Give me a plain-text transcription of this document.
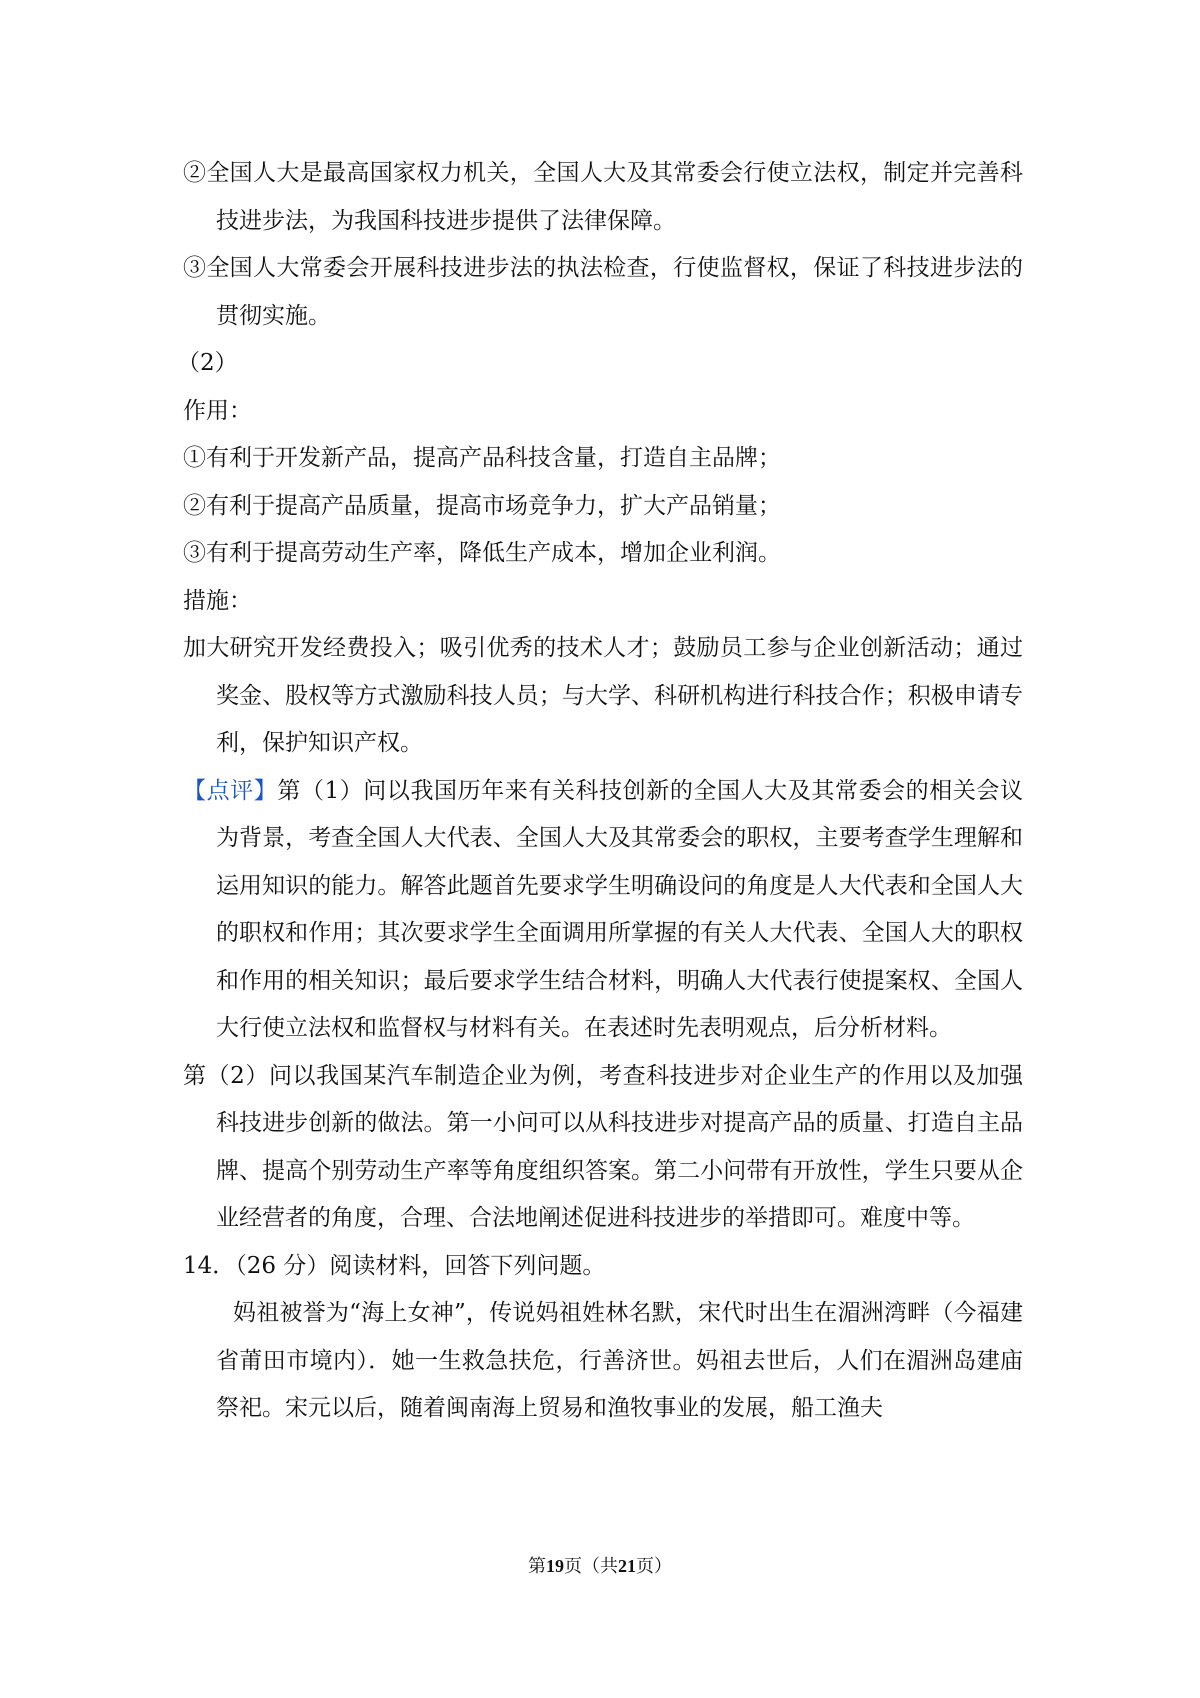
②全国人大是最高国家权力机关，全国人大及其常委会行使立法权，制定并完善科技进步法，为我国科技进步提供了法律保障。

③全国人大常委会开展科技进步法的执法检查，行使监督权，保证了科技进步法的贯彻实施。

（2）

作用：

①有利于开发新产品，提高产品科技含量，打造自主品牌；

②有利于提高产品质量，提高市场竞争力，扩大产品销量；

③有利于提高劳动生产率，降低生产成本，增加企业利润。

措施：

加大研究开发经费投入；吸引优秀的技术人才；鼓励员工参与企业创新活动；通过奖金、股权等方式激励科技人员；与大学、科研机构进行科技合作；积极申请专利，保护知识产权。

【点评】第（1）问以我国历年来有关科技创新的全国人大及其常委会的相关会议为背景，考查全国人大代表、全国人大及其常委会的职权，主要考查学生理解和运用知识的能力。解答此题首先要求学生明确设问的角度是人大代表和全国人大的职权和作用；其次要求学生全面调用所掌握的有关人大代表、全国人大的职权和作用的相关知识；最后要求学生结合材料，明确人大代表行使提案权、全国人大行使立法权和监督权与材料有关。在表述时先表明观点，后分析材料。

第（2）问以我国某汽车制造企业为例，考查科技进步对企业生产的作用以及加强科技进步创新的做法。第一小问可以从科技进步对提高产品的质量、打造自主品牌、提高个别劳动生产率等角度组织答案。第二小问带有开放性，学生只要从企业经营者的角度，合理、合法地阐述促进科技进步的举措即可。难度中等。

14．（26 分）阅读材料，回答下列问题。

妈祖被誉为“海上女神”，传说妈祖姓林名默，宋代时出生在湄洲湾畔（今福建省莆田市境内）．她一生救急扶危，行善济世。妈祖去世后，人们在湄洲岛建庙祭祀。宋元以后，随着闽南海上贸易和渔牧事业的发展，船工渔夫

第19页（共21页）
